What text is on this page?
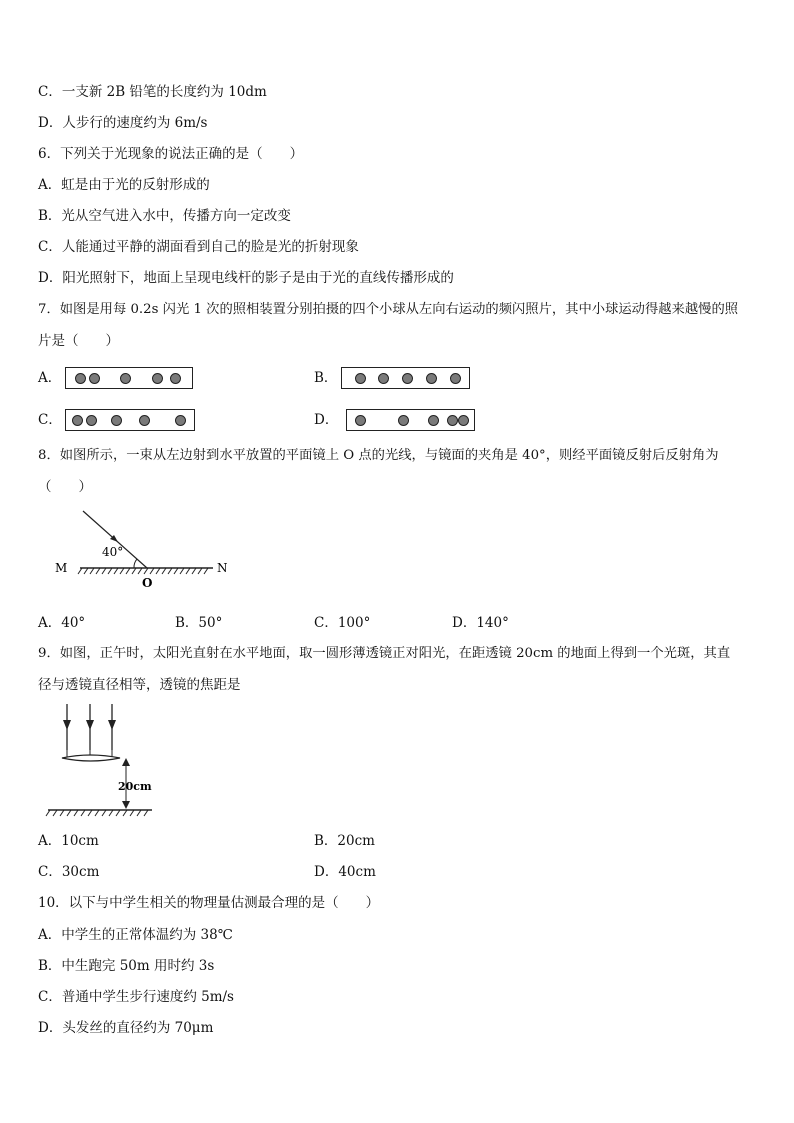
C．一支新 2B 铅笔的长度约为 10dm
D．人步行的速度约为 6m/s
6．下列关于光现象的说法正确的是（　　）
A．虹是由于光的反射形成的
B．光从空气进入水中，传播方向一定改变
C．人能通过平静的湖面看到自己的脸是光的折射现象
D．阳光照射下，地面上呈现电线杆的影子是由于光的直线传播形成的
7．如图是用每 0.2s 闪光 1 次的照相装置分别拍摄的四个小球从左向右运动的频闪照片，其中小球运动得越来越慢的照
片是（　　）
A．	B．
C．	D．
8．如图所示，一束从左边射到水平放置的平面镜上 O 点的光线，与镜面的夹角是 40°，则经平面镜反射后反射角为
（　　）
40°
M
O
N
A．40°	B．50°	C．100°	D．140°
9．如图，正午时，太阳光直射在水平地面，取一圆形薄透镜正对阳光，在距透镜 20cm 的地面上得到一个光斑，其直
径与透镜直径相等，透镜的焦距是
20cm
A．10cm	B．20cm
C．30cm	D．40cm
10．以下与中学生相关的物理量估测最合理的是（　　）
A．中学生的正常体温约为 38℃
B．中生跑完 50m 用时约 3s
C．普通中学生步行速度约 5m/s
D．头发丝的直径约为 70μm
